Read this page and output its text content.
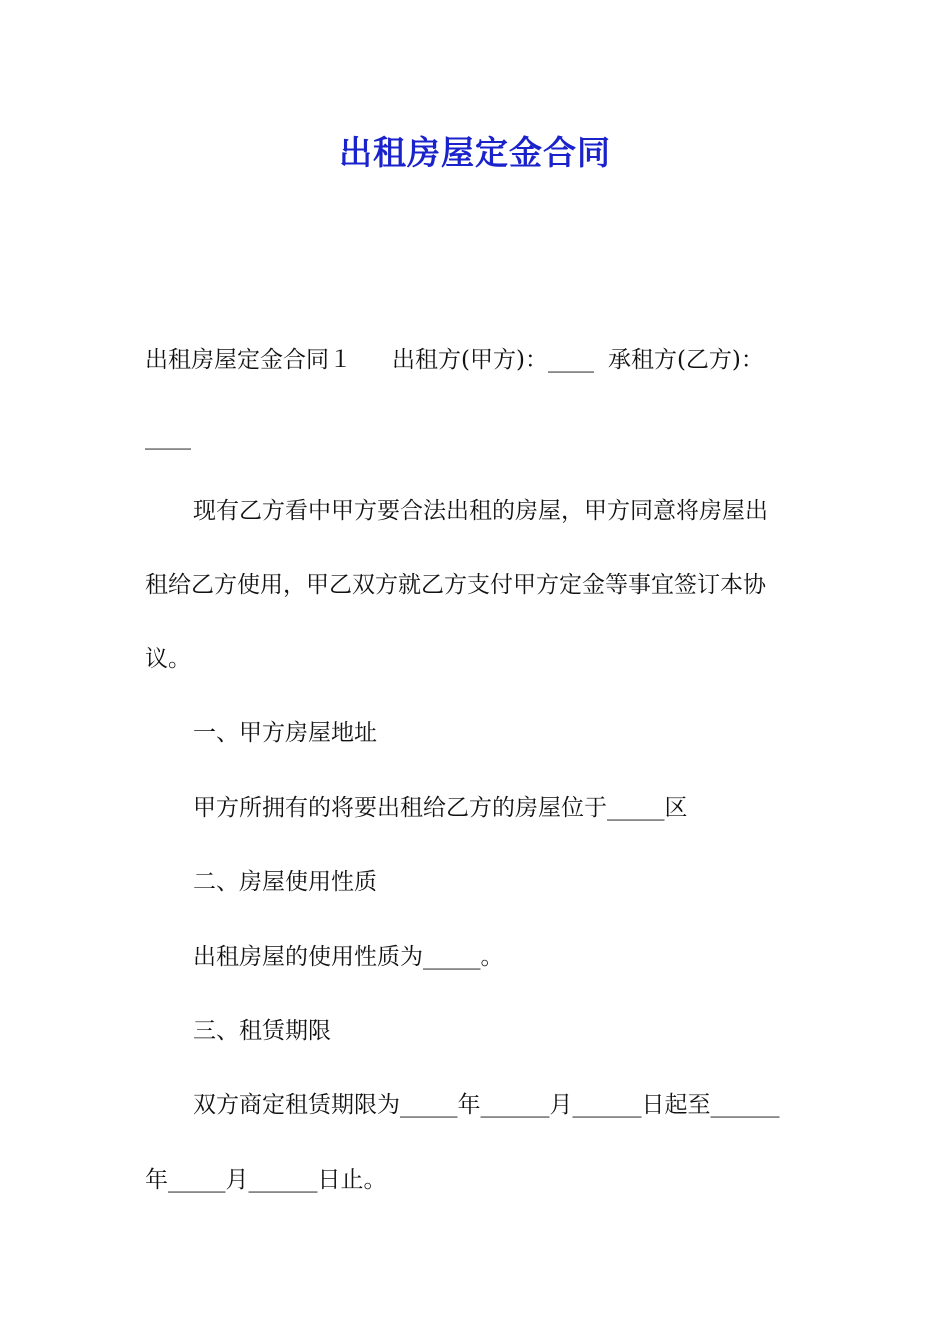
出租房屋定金合同
出租房屋定金合同１ 出租方(甲方)：____ 承租方(乙方)：
____
现有乙方看中甲方要合法出租的房屋，甲方同意将房屋出
租给乙方使用，甲乙双方就乙方支付甲方定金等事宜签订本协
议。
一、甲方房屋地址
甲方所拥有的将要出租给乙方的房屋位于_____区
二、房屋使用性质
出租房屋的使用性质为_____。
三、租赁期限
双方商定租赁期限为_____年______月______日起至______
年_____月______日止。
